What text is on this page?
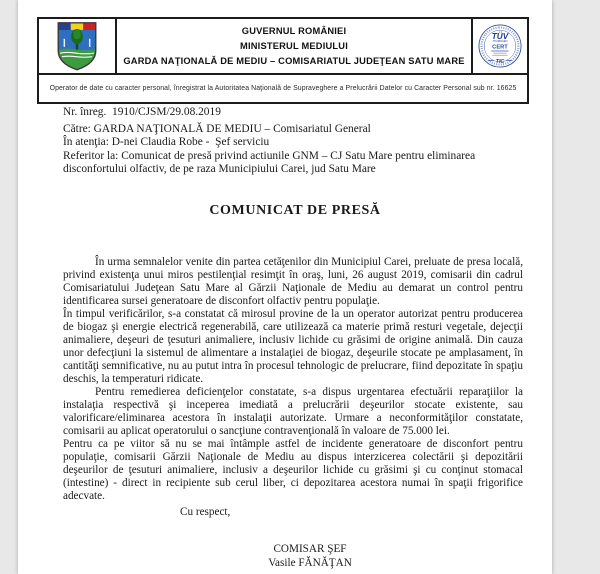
GUVERNUL ROMÂNIEI
MINISTERUL MEDIULUI
GARDA NAŢIONALĂ DE MEDIU – COMISARIATUL JUDEŢEAN SATU MARE
TÜV
THÜRINGEN
CERT
TIC
Operator de date cu caracter personal, înregistrat la Autoritatea Naţională de Supraveghere a Prelucrării Datelor cu Caracter Personal sub nr. 16625
Nr. înreg.  1910/CJSM/29.08.2019
Către: GARDA NAŢIONALĂ DE MEDIU – Comisariatul General
În atenţia: D-nei Claudia Robe -  Şef serviciu
Referitor la: Comunicat de presă privind actiunile GNM – CJ Satu Mare pentru eliminarea disconfortului olfactiv, de pe raza Municipiului Carei, jud Satu Mare
COMUNICAT DE PRESĂ

În urma semnalelor venite din partea cetăţenilor din Municipiul Carei, preluate de presa locală, privind existenţa unui miros pestilenţial resimţit în oraş, luni, 26 august 2019, comisarii din cadrul Comisariatului Judeţean Satu Mare al Gărzii Naţionale de Mediu au demarat un control pentru identificarea sursei generatoare de disconfort olfactiv pentru populaţie.

În timpul verificărilor, s-a constatat că mirosul provine de la un operator autorizat pentru producerea de biogaz şi energie electrică regenerabilă, care utilizează ca materie primă resturi vegetale, dejecţii animaliere, deşeuri de ţesuturi animaliere, inclusiv lichide cu grăsimi de origine animală. Din cauza unor defecţiuni la sistemul de alimentare a instalaţiei de biogaz, deşeurile stocate pe amplasament, în cantităţi semnificative, nu au putut intra în procesul tehnologic de prelucrare, fiind depozitate în spaţiu deschis, la temperaturi ridicate.

Pentru remedierea deficienţelor constatate, s-a dispus urgentarea efectuării reparaţiilor la instalaţia respectivă şi inceperea imediată a prelucrării deşeurilor stocate existente, sau valorificare/eliminarea acestora în instalaţii autorizate. Urmare a neconformităţilor constatate, comisarii au aplicat operatorului o sancţiune contravenţională în valoare de 75.000 lei.

Pentru ca pe viitor să nu se mai întâmple astfel de incidente generatoare de disconfort pentru populaţie, comisarii Gărzii Naţionale de Mediu au dispus interzicerea colectării şi depozitării deşeurilor de ţesuturi animaliere, inclusiv a deşeurilor lichide cu grăsimi şi cu conţinut stomacal (intestine) - direct in recipiente sub cerul liber, ci depozitarea acestora numai în spaţii frigorifice adecvate.

Cu respect,
COMISAR ŞEF
Vasile FĂNĂŢAN
